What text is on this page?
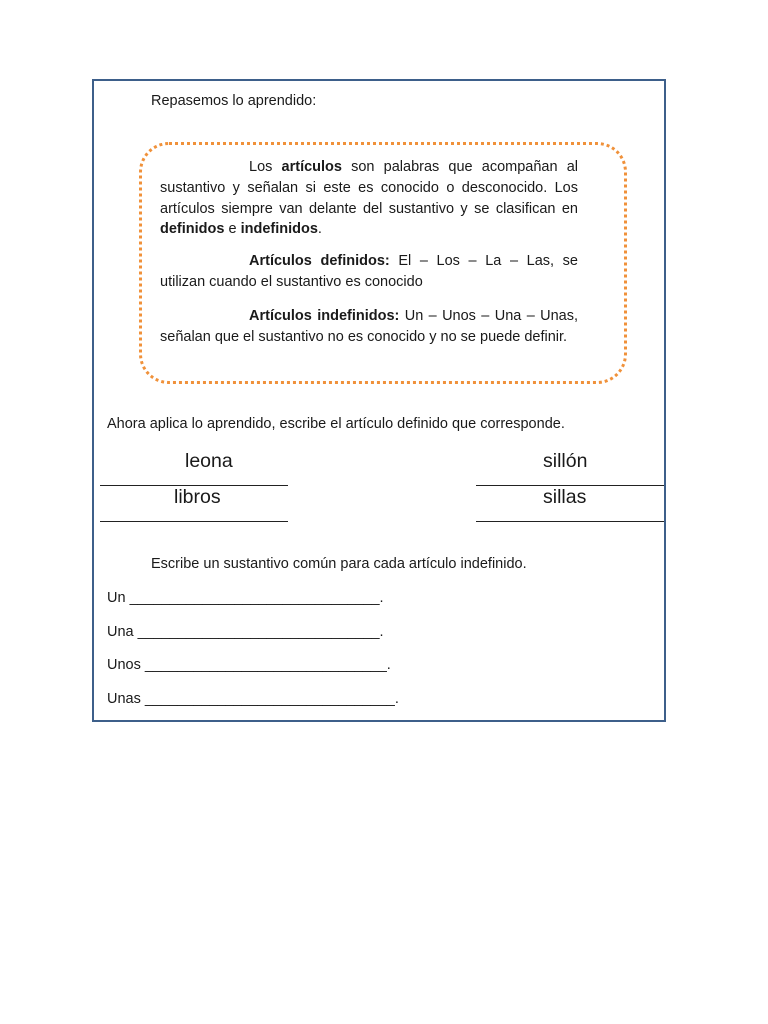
Repasemos lo aprendido:
Los artículos son palabras que acompañan al sustantivo y señalan si este es conocido o desconocido. Los artículos siempre van delante del sustantivo y se clasifican en definidos e indefinidos.
Artículos definidos: El – Los – La – Las, se utilizan cuando el sustantivo es conocido
Artículos indefinidos: Un – Unos – Una – Unas, señalan que el sustantivo no es conocido y no se puede definir.
Ahora aplica lo aprendido, escribe el artículo definido que corresponde.
leona	sillón
libros	sillas
Escribe un sustantivo común para cada artículo indefinido.
Un _______________________________.
Una ______________________________.
Unos ______________________________.
Unas _______________________________.
